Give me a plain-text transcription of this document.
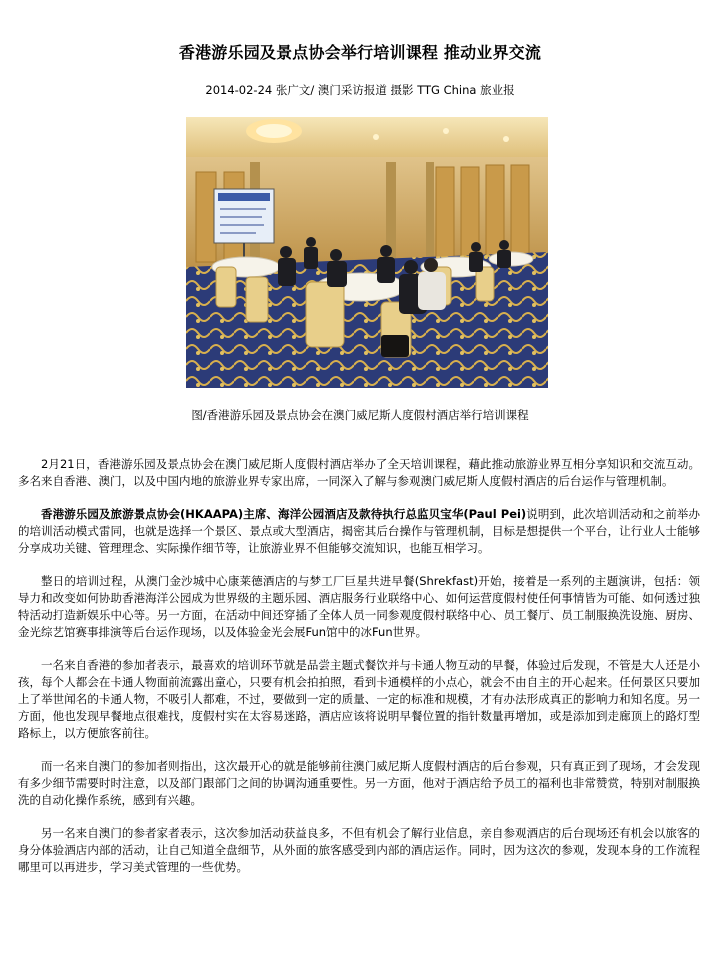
香港游乐园及景点协会举行培训课程 推动业界交流
2014-02-24 张广文/ 澳门采访报道 摄影 TTG China 旅业报
图/香港游乐园及景点协会在澳门威尼斯人度假村酒店举行培训课程

2月21日，香港游乐园及景点协会在澳门威尼斯人度假村酒店举办了全天培训课程，藉此推动旅游业界互相分享知识和交流互动。多名来自香港、澳门，以及中国内地的旅游业界专家出席，一同深入了解与参观澳门威尼斯人度假村酒店的后台运作与管理机制。

香港游乐园及旅游景点协会(HKAAPA)主席、海洋公园酒店及款待执行总监贝宝华(Paul Pei)说明到，此次培训活动和之前举办的培训活动模式雷同，也就是选择一个景区、景点或大型酒店，揭密其后台操作与管理机制，目标是想提供一个平台，让行业人士能够分享成功关键、管理理念、实际操作细节等，让旅游业界不但能够交流知识，也能互相学习。

整日的培训过程，从澳门金沙城中心康莱德酒店的与梦工厂巨星共进早餐(Shrekfast)开始，接着是一系列的主题演讲，包括：领导力和改变如何协助香港海洋公园成为世界级的主题乐园、酒店服务行业联络中心、如何运营度假村使任何事情皆为可能、如何透过独特活动打造新娱乐中心等。另一方面，在活动中间还穿插了全体人员一同参观度假村联络中心、员工餐厅、员工制服换洗设施、厨房、金光综艺馆赛事排演等后台运作现场，以及体验金光会展Fun馆中的冰Fun世界。

一名来自香港的参加者表示，最喜欢的培训环节就是品尝主题式餐饮并与卡通人物互动的早餐，体验过后发现，不管是大人还是小孩，每个人都会在卡通人物面前流露出童心，只要有机会拍拍照，看到卡通模样的小点心，就会不由自主的开心起来。任何景区只要加上了举世闻名的卡通人物，不吸引人都难，不过，要做到一定的质量、一定的标准和规模，才有办法形成真正的影响力和知名度。另一方面，他也发现早餐地点很难找，度假村实在太容易迷路，酒店应该将说明早餐位置的指针数量再增加，或是添加到走廊顶上的路灯型路标上，以方便旅客前往。

而一名来自澳门的参加者则指出，这次最开心的就是能够前往澳门威尼斯人度假村酒店的后台参观，只有真正到了现场，才会发现有多少细节需要时时注意，以及部门跟部门之间的协调沟通重要性。另一方面，他对于酒店给予员工的福利也非常赞赏，特别对制服换洗的自动化操作系统，感到有兴趣。

另一名来自澳门的参者家者表示，这次参加活动获益良多，不但有机会了解行业信息，亲自参观酒店的后台现场还有机会以旅客的身分体验酒店内部的活动，让自己知道全盘细节，从外面的旅客感受到内部的酒店运作。同时，因为这次的参观，发现本身的工作流程哪里可以再进步，学习美式管理的一些优势。
